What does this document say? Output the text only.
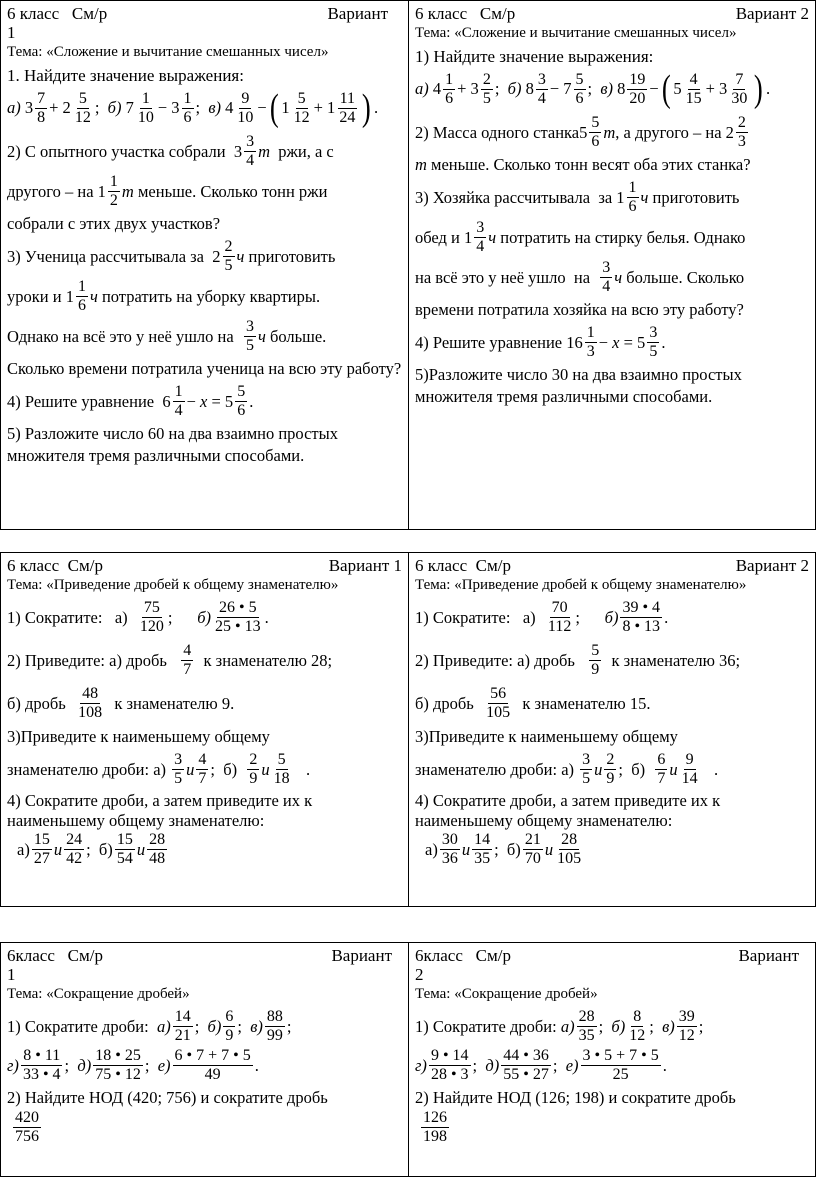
6 класс   См/р	Вариант
1
Тема: «Сложение и вычитание смешанных чисел»
1. Найдите значение выражения:
а) $3 \frac{7}{8} + 2 \frac{5}{12}$ ; б) $7 \frac{1}{10} - 3 \frac{1}{6}$ ; в) $4 \frac{9}{10}$ − ( $1 \frac{5}{12} + 1 \frac{11}{24}$ ) .
2) С опытного участка собрали
$3 \frac{3}{4}$ т
ржи, а с
другого – на
$1 \frac{1}{2}$ т
меньше. Сколько тонн ржи
собрали с этих двух участков?
3) Ученица рассчитывала за
$2 \frac{2}{5}$ ч
приготовить
уроки и
$1 \frac{1}{6}$ ч
потратить на уборку квартиры.
Однако на всё это у неё ушло на
$\frac{3}{5}$ ч
больше.
Сколько времени потратила ученица на всю эту работу?
4) Решите уравнение
$6 \frac{1}{4} - x = 5 \frac{5}{6}$ .
5) Разложите число 60 на два взаимно простых множителя тремя различными способами.
6 класс   См/р	Вариант 2
Тема: «Сложение и вычитание смешанных чисел»
1) Найдите значение выражения:
а) $4 \frac{1}{6} + 3 \frac{2}{5}$ ; б) $8 \frac{3}{4} - 7 \frac{5}{6}$ ; в) $8 \frac{19}{20}$ − ( $5 \frac{4}{15} + 3 \frac{7}{30}$ ) .
2) Масса одного станка $5 \frac{5}{6}$ т , а другого – на
$2 \frac{2}{3}$
т
меньше. Сколько тонн весят оба этих станка?
3) Хозяйка рассчитывала  за
$1 \frac{1}{6}$ ч
приготовить
обед и
$1 \frac{3}{4}$ ч
потратить на стирку белья. Однако
на всё это у неё ушло  на
$\frac{3}{4}$ ч
больше. Сколько
времени потратила хозяйка на всю эту работу?
4) Решите уравнение
$16 \frac{1}{3} - x = 5 \frac{3}{5}$ .
5)Разложите число 30 на два взаимно простых множителя тремя различными способами.
6 класс  См/р	Вариант 1
Тема: «Приведение дробей к общему знаменателю»
1) Сократите:
$а) \frac{75}{120}$ ; $б) \frac{26 • 5}{25 • 13}$ .
2) Приведите: а) дробь
$\frac{4}{7}$
к знаменателю 28;
б) дробь
$\frac{48}{108}$
к знаменателю 9.
3)Приведите к наименьшему общему
знаменателю дроби: а)
$\frac{3}{5}$ и $\frac{4}{7}$ ;  $б) \frac{2}{9}$ и $\frac{5}{18}$ .
4) Сократите дроби, а затем приведите их к наименьшему общему знаменателю:
$а) \frac{15}{27}$ и $\frac{24}{42}$ ;  $б) \frac{15}{54}$ и $\frac{28}{48}$
6 класс  См/р	Вариант 2
Тема: «Приведение дробей к общему знаменателю»
1) Сократите:
$а) \frac{70}{112}$ ; $б) \frac{39 • 4}{8 • 13}$ .
2) Приведите: а) дробь
$\frac{5}{9}$
к знаменателю 36;
б) дробь
$\frac{56}{105}$
к знаменателю 15.
3)Приведите к наименьшему общему
знаменателю дроби: а)
$\frac{3}{5}$ и $\frac{2}{9}$ ;  $б) \frac{6}{7}$ и $\frac{9}{14}$ .
4) Сократите дроби, а затем приведите их к наименьшему общему знаменателю:
$а) \frac{30}{36}$ и $\frac{14}{35}$ ;  $б) \frac{21}{70}$ и $\frac{28}{105}$
6класс   См/р	Вариант
1
Тема: «Сокращение дробей»
1) Сократите дроби:
$а) \frac{14}{21}$ ; $б) \frac{6}{9}$ ; $в) \frac{88}{99}$ ;
$г) \frac{8 • 11}{33 • 4}$ ; $д) \frac{18 • 25}{75 • 12}$ ; $е) \frac{6 • 7 + 7 • 5}{49}$ .
2) Найдите НОД (420; 756) и сократите дробь
$\frac{420}{756}$
6класс   См/р	Вариант
2
Тема: «Сокращение дробей»
1) Сократите дроби:
$а) \frac{28}{35}$ ; $б) \frac{8}{12}$ ; $в) \frac{39}{12}$ ;
$г) \frac{9 • 14}{28 • 3}$ ; $д) \frac{44 • 36}{55 • 27}$ ; $е) \frac{3 • 5 + 7 • 5}{25}$ .
2) Найдите НОД (126; 198) и сократите дробь
$\frac{126}{198}$
